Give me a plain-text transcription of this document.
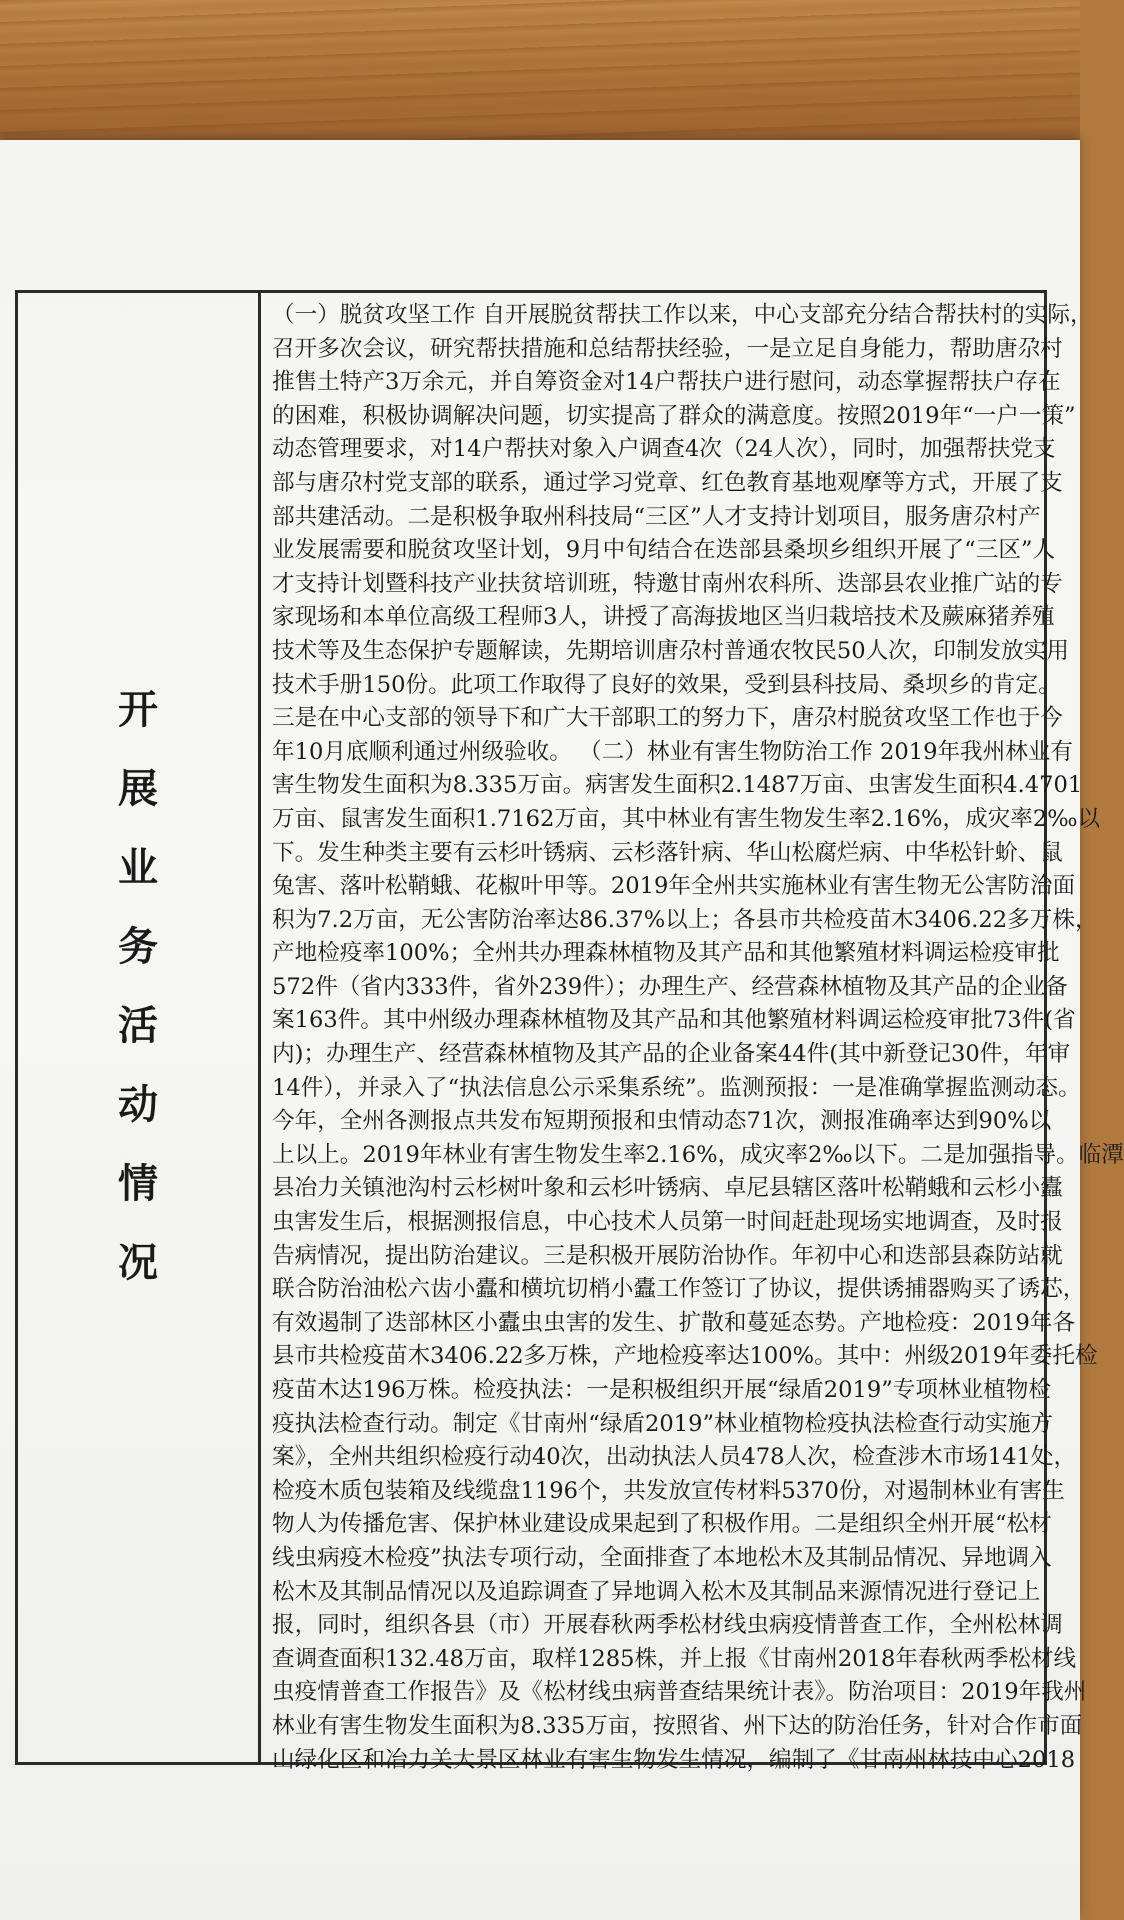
开
展
业
务
活
动
情
况
（一）脱贫攻坚工作 自开展脱贫帮扶工作以来，中心支部充分结合帮扶村的实际，
召开多次会议，研究帮扶措施和总结帮扶经验，一是立足自身能力，帮助唐尕村
推售土特产3万余元，并自筹资金对14户帮扶户进行慰问，动态掌握帮扶户存在
的困难，积极协调解决问题，切实提高了群众的满意度。按照2019年“一户一策”
动态管理要求，对14户帮扶对象入户调查4次（24人次），同时，加强帮扶党支
部与唐尕村党支部的联系，通过学习党章、红色教育基地观摩等方式，开展了支
部共建活动。二是积极争取州科技局“三区”人才支持计划项目，服务唐尕村产
业发展需要和脱贫攻坚计划，9月中旬结合在迭部县桑坝乡组织开展了“三区”人
才支持计划暨科技产业扶贫培训班，特邀甘南州农科所、迭部县农业推广站的专
家现场和本单位高级工程师3人，讲授了高海拔地区当归栽培技术及蕨麻猪养殖
技术等及生态保护专题解读，先期培训唐尕村普通农牧民50人次，印制发放实用
技术手册150份。此项工作取得了良好的效果，受到县科技局、桑坝乡的肯定。
三是在中心支部的领导下和广大干部职工的努力下，唐尕村脱贫攻坚工作也于今
年10月底顺利通过州级验收。 （二）林业有害生物防治工作 2019年我州林业有
害生物发生面积为8.335万亩。病害发生面积2.1487万亩、虫害发生面积4.4701
万亩、鼠害发生面积1.7162万亩，其中林业有害生物发生率2.16%，成灾率2‰以
下。发生种类主要有云杉叶锈病、云杉落针病、华山松腐烂病、中华松针蚧、鼠
兔害、落叶松鞘蛾、花椒叶甲等。2019年全州共实施林业有害生物无公害防治面
积为7.2万亩，无公害防治率达86.37%以上；各县市共检疫苗木3406.22多万株，
产地检疫率100%；全州共办理森林植物及其产品和其他繁殖材料调运检疫审批
572件（省内333件，省外239件）；办理生产、经营森林植物及其产品的企业备
案163件。其中州级办理森林植物及其产品和其他繁殖材料调运检疫审批73件(省
内)；办理生产、经营森林植物及其产品的企业备案44件(其中新登记30件，年审
14件），并录入了“执法信息公示采集系统”。监测预报：一是准确掌握监测动态。
今年，全州各测报点共发布短期预报和虫情动态71次，测报准确率达到90%以
上以上。2019年林业有害生物发生率2.16%，成灾率2‰以下。二是加强指导。临潭
县冶力关镇池沟村云杉树叶象和云杉叶锈病、卓尼县辖区落叶松鞘蛾和云杉小蠹
虫害发生后，根据测报信息，中心技术人员第一时间赶赴现场实地调查，及时报
告病情况，提出防治建议。三是积极开展防治协作。年初中心和迭部县森防站就
联合防治油松六齿小蠹和横坑切梢小蠹工作签订了协议，提供诱捕器购买了诱芯，
有效遏制了迭部林区小蠹虫虫害的发生、扩散和蔓延态势。产地检疫：2019年各
县市共检疫苗木3406.22多万株，产地检疫率达100%。其中：州级2019年委托检
疫苗木达196万株。检疫执法：一是积极组织开展“绿盾2019”专项林业植物检
疫执法检查行动。制定《甘南州“绿盾2019”林业植物检疫执法检查行动实施方
案》，全州共组织检疫行动40次，出动执法人员478人次，检查涉木市场141处，
检疫木质包装箱及线缆盘1196个，共发放宣传材料5370份，对遏制林业有害生
物人为传播危害、保护林业建设成果起到了积极作用。二是组织全州开展“松材
线虫病疫木检疫”执法专项行动，全面排查了本地松木及其制品情况、异地调入
松木及其制品情况以及追踪调查了异地调入松木及其制品来源情况进行登记上
报，同时，组织各县（市）开展春秋两季松材线虫病疫情普查工作，全州松林调
查调查面积132.48万亩，取样1285株，并上报《甘南州2018年春秋两季松材线
虫疫情普查工作报告》及《松材线虫病普查结果统计表》。防治项目：2019年我州
林业有害生物发生面积为8.335万亩，按照省、州下达的防治任务，针对合作市面
山绿化区和冶力关大景区林业有害生物发生情况，编制了《甘南州林技中心2018
